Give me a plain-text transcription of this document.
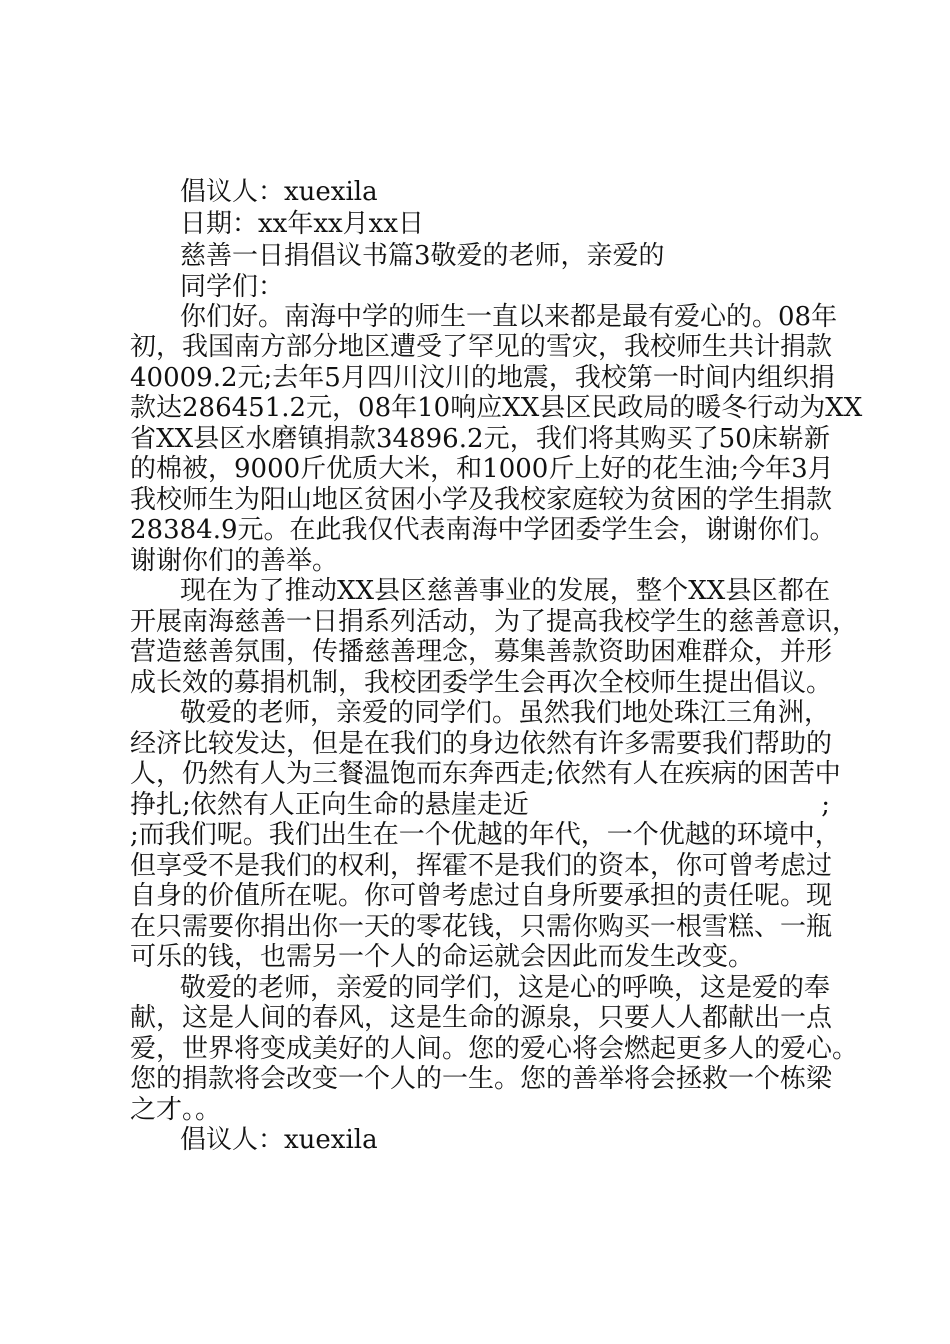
倡议人：xuexila
日期：xx年xx月xx日
慈善一日捐倡议书篇3敬爱的老师，亲爱的
同学们：
你们好。南海中学的师生一直以来都是最有爱心的。08年
初，我国南方部分地区遭受了罕见的雪灾，我校师生共计捐款
40009.2元;去年5月四川汶川的地震，我校第一时间内组织捐
款达286451.2元，08年10响应XX县区民政局的暖冬行动为XX
省XX县区水磨镇捐款34896.2元，我们将其购买了50床崭新
的棉被，9000斤优质大米，和1000斤上好的花生油;今年3月
我校师生为阳山地区贫困小学及我校家庭较为贫困的学生捐款
28384.9元。在此我仅代表南海中学团委学生会，谢谢你们。
谢谢你们的善举。
现在为了推动XX县区慈善事业的发展，整个XX县区都在
开展南海慈善一日捐系列活动，为了提高我校学生的慈善意识，
营造慈善氛围，传播慈善理念，募集善款资助困难群众，并形
成长效的募捐机制，我校团委学生会再次全校师生提出倡议。
敬爱的老师，亲爱的同学们。虽然我们地处珠江三角洲，
经济比较发达，但是在我们的身边依然有许多需要我们帮助的
人，仍然有人为三餐温饱而东奔西走;依然有人在疾病的困苦中
挣扎;依然有人正向生命的悬崖走近	;
;而我们呢。我们出生在一个优越的年代，一个优越的环境中，
但享受不是我们的权利，挥霍不是我们的资本，你可曾考虑过
自身的价值所在呢。你可曾考虑过自身所要承担的责任呢。现
在只需要你捐出你一天的零花钱，只需你购买一根雪糕、一瓶
可乐的钱，也需另一个人的命运就会因此而发生改变。
敬爱的老师，亲爱的同学们，这是心的呼唤，这是爱的奉
献，这是人间的春风，这是生命的源泉，只要人人都献出一点
爱，世界将变成美好的人间。您的爱心将会燃起更多人的爱心。
您的捐款将会改变一个人的一生。您的善举将会拯救一个栋梁
之才。。
倡议人：xuexila
